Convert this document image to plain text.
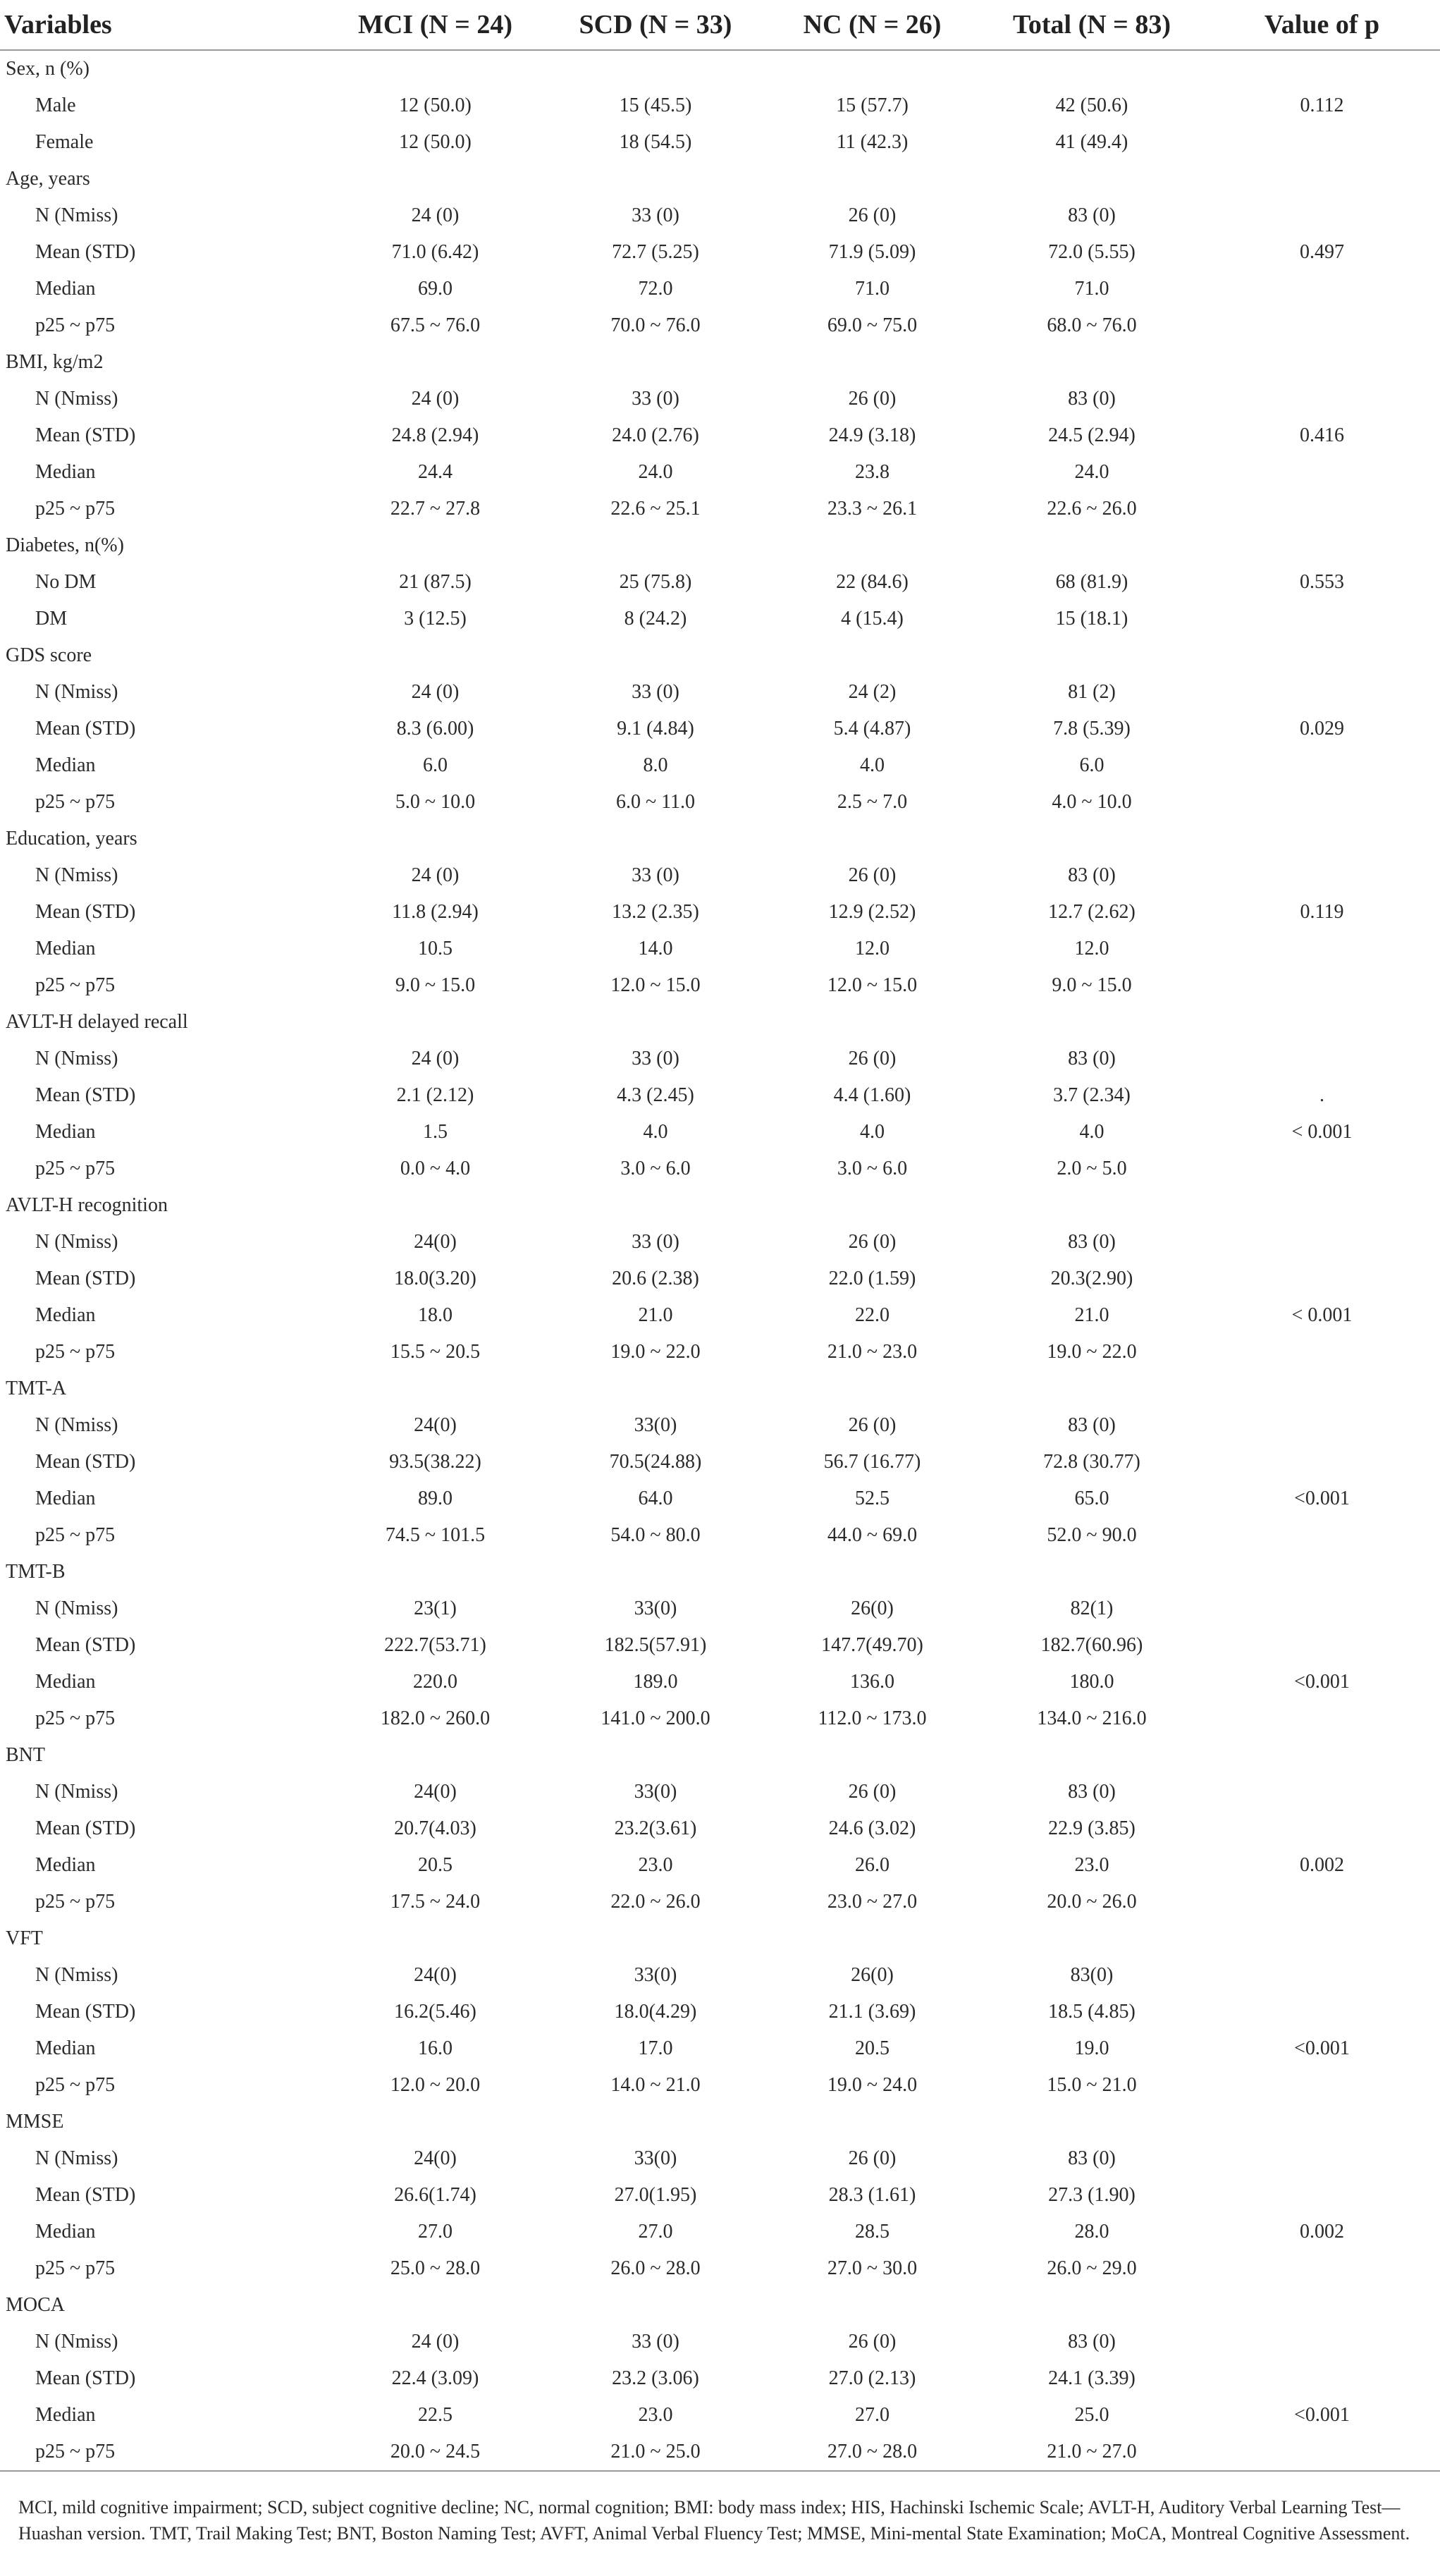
Variables	MCI (N = 24)	SCD (N = 33)	NC (N = 26)	Total (N = 83)	Value of p
Sex, n (%)					
Male	12 (50.0)	15 (45.5)	15 (57.7)	42 (50.6)	0.112
Female	12 (50.0)	18 (54.5)	11 (42.3)	41 (49.4)	
Age, years					
N (Nmiss)	24 (0)	33 (0)	26 (0)	83 (0)	
Mean (STD)	71.0 (6.42)	72.7 (5.25)	71.9 (5.09)	72.0 (5.55)	0.497
Median	69.0	72.0	71.0	71.0	
p25 ~ p75	67.5 ~ 76.0	70.0 ~ 76.0	69.0 ~ 75.0	68.0 ~ 76.0	
BMI, kg/m2					
N (Nmiss)	24 (0)	33 (0)	26 (0)	83 (0)	
Mean (STD)	24.8 (2.94)	24.0 (2.76)	24.9 (3.18)	24.5 (2.94)	0.416
Median	24.4	24.0	23.8	24.0	
p25 ~ p75	22.7 ~ 27.8	22.6 ~ 25.1	23.3 ~ 26.1	22.6 ~ 26.0	
Diabetes, n(%)					
No DM	21 (87.5)	25 (75.8)	22 (84.6)	68 (81.9)	0.553
DM	3 (12.5)	8 (24.2)	4 (15.4)	15 (18.1)	
GDS score					
N (Nmiss)	24 (0)	33 (0)	24 (2)	81 (2)	
Mean (STD)	8.3 (6.00)	9.1 (4.84)	5.4 (4.87)	7.8 (5.39)	0.029
Median	6.0	8.0	4.0	6.0	
p25 ~ p75	5.0 ~ 10.0	6.0 ~ 11.0	2.5 ~ 7.0	4.0 ~ 10.0	
Education, years					
N (Nmiss)	24 (0)	33 (0)	26 (0)	83 (0)	
Mean (STD)	11.8 (2.94)	13.2 (2.35)	12.9 (2.52)	12.7 (2.62)	0.119
Median	10.5	14.0	12.0	12.0	
p25 ~ p75	9.0 ~ 15.0	12.0 ~ 15.0	12.0 ~ 15.0	9.0 ~ 15.0	
AVLT-H delayed recall					
N (Nmiss)	24 (0)	33 (0)	26 (0)	83 (0)	
Mean (STD)	2.1 (2.12)	4.3 (2.45)	4.4 (1.60)	3.7 (2.34)	.
Median	1.5	4.0	4.0	4.0	< 0.001
p25 ~ p75	0.0 ~ 4.0	3.0 ~ 6.0	3.0 ~ 6.0	2.0 ~ 5.0	
AVLT-H recognition					
N (Nmiss)	24(0)	33 (0)	26 (0)	83 (0)	
Mean (STD)	18.0(3.20)	20.6 (2.38)	22.0 (1.59)	20.3(2.90)	
Median	18.0	21.0	22.0	21.0	< 0.001
p25 ~ p75	15.5 ~ 20.5	19.0 ~ 22.0	21.0 ~ 23.0	19.0 ~ 22.0	
TMT-A					
N (Nmiss)	24(0)	33(0)	26 (0)	83 (0)	
Mean (STD)	93.5(38.22)	70.5(24.88)	56.7 (16.77)	72.8 (30.77)	
Median	89.0	64.0	52.5	65.0	<0.001
p25 ~ p75	74.5 ~ 101.5	54.0 ~ 80.0	44.0 ~ 69.0	52.0 ~ 90.0	
TMT-B					
N (Nmiss)	23(1)	33(0)	26(0)	82(1)	
Mean (STD)	222.7(53.71)	182.5(57.91)	147.7(49.70)	182.7(60.96)	
Median	220.0	189.0	136.0	180.0	<0.001
p25 ~ p75	182.0 ~ 260.0	141.0 ~ 200.0	112.0 ~ 173.0	134.0 ~ 216.0	
BNT					
N (Nmiss)	24(0)	33(0)	26 (0)	83 (0)	
Mean (STD)	20.7(4.03)	23.2(3.61)	24.6 (3.02)	22.9 (3.85)	
Median	20.5	23.0	26.0	23.0	0.002
p25 ~ p75	17.5 ~ 24.0	22.0 ~ 26.0	23.0 ~ 27.0	20.0 ~ 26.0	
VFT					
N (Nmiss)	24(0)	33(0)	26(0)	83(0)	
Mean (STD)	16.2(5.46)	18.0(4.29)	21.1 (3.69)	18.5 (4.85)	
Median	16.0	17.0	20.5	19.0	<0.001
p25 ~ p75	12.0 ~ 20.0	14.0 ~ 21.0	19.0 ~ 24.0	15.0 ~ 21.0	
MMSE					
N (Nmiss)	24(0)	33(0)	26 (0)	83 (0)	
Mean (STD)	26.6(1.74)	27.0(1.95)	28.3 (1.61)	27.3 (1.90)	
Median	27.0	27.0	28.5	28.0	0.002
p25 ~ p75	25.0 ~ 28.0	26.0 ~ 28.0	27.0 ~ 30.0	26.0 ~ 29.0	
MOCA					
N (Nmiss)	24 (0)	33 (0)	26 (0)	83 (0)	
Mean (STD)	22.4 (3.09)	23.2 (3.06)	27.0 (2.13)	24.1 (3.39)	
Median	22.5	23.0	27.0	25.0	<0.001
p25 ~ p75	20.0 ~ 24.5	21.0 ~ 25.0	27.0 ~ 28.0	21.0 ~ 27.0	
MCI, mild cognitive impairment; SCD, subject cognitive decline; NC, normal cognition; BMI: body mass index; HIS, Hachinski Ischemic Scale; AVLT-H, Auditory Verbal Learning Test—Huashan version. TMT, Trail Making Test; BNT, Boston Naming Test; AVFT, Animal Verbal Fluency Test; MMSE, Mini-mental State Examination; MoCA, Montreal Cognitive Assessment.
